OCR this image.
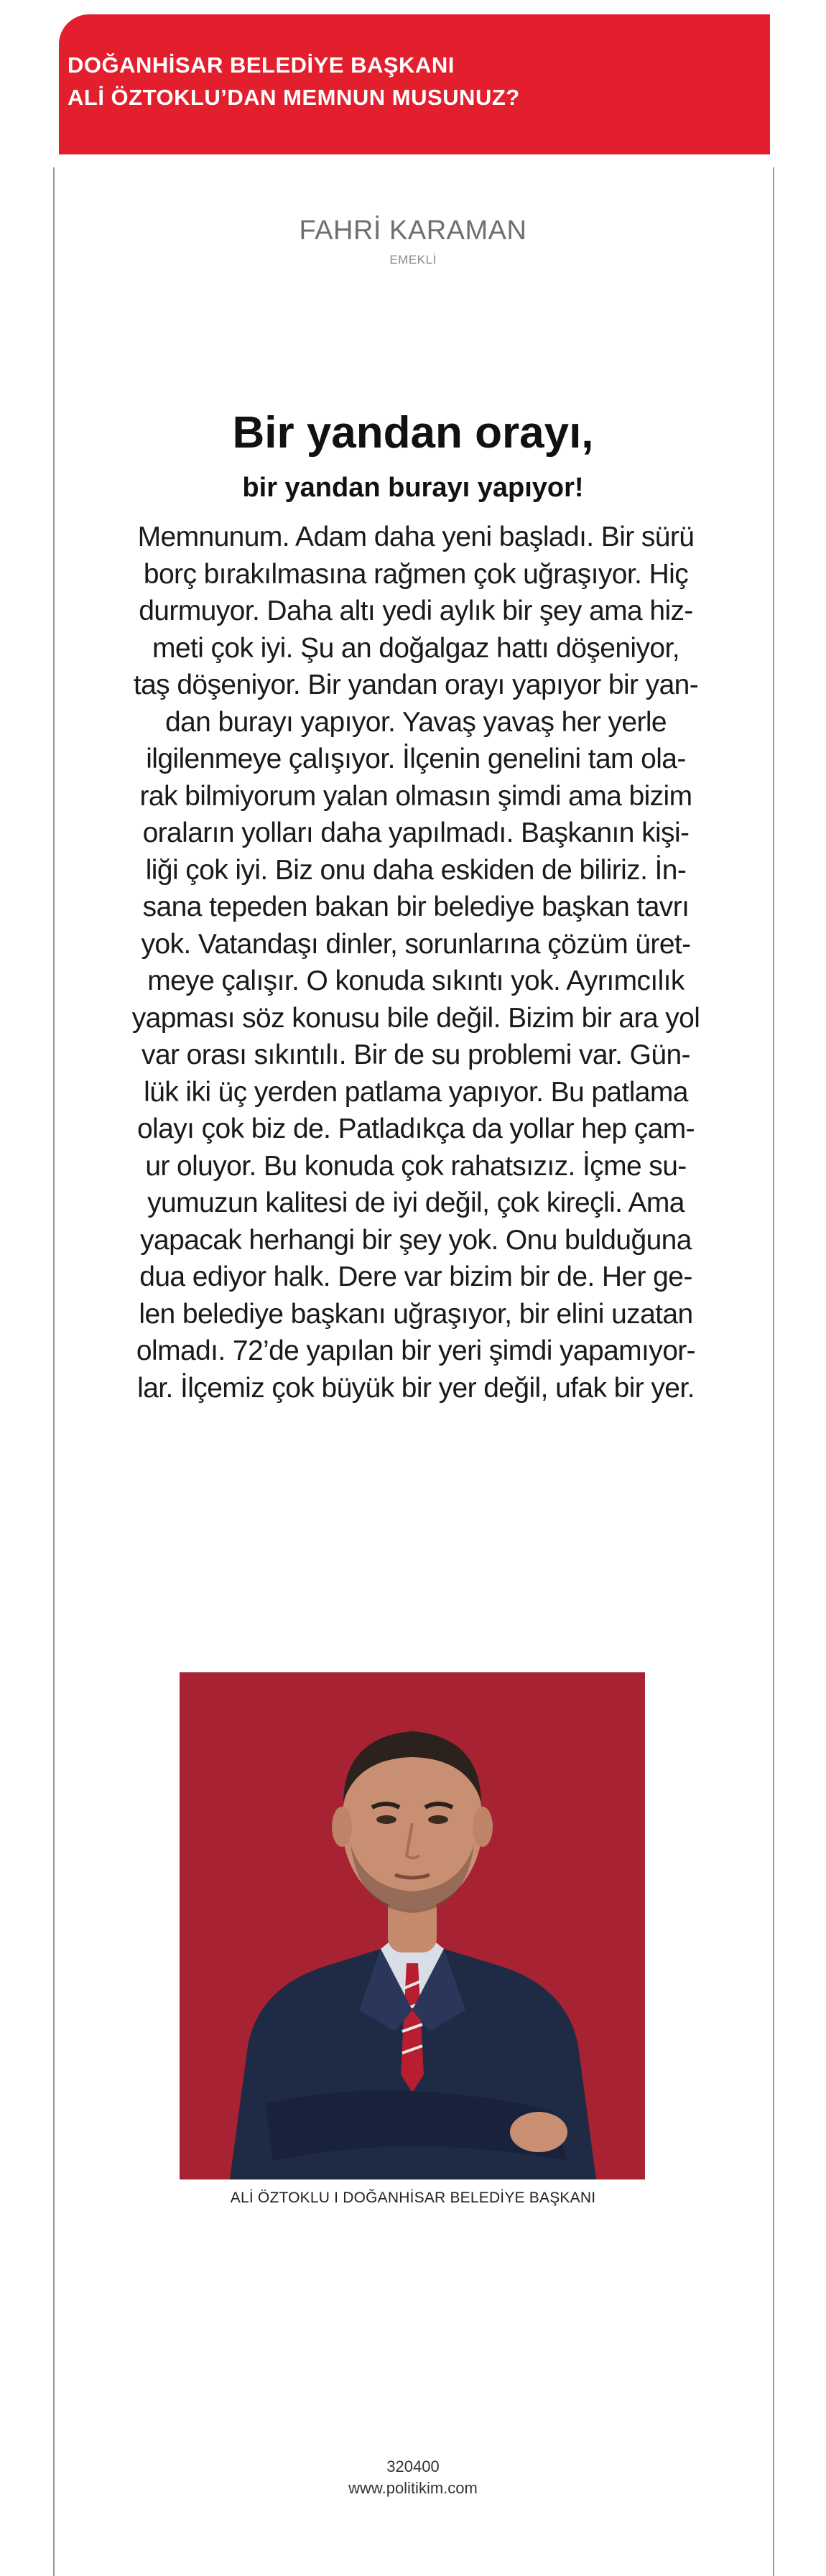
DOĞANHİSAR BELEDİYE BAŞKANI
ALİ ÖZTOKLU’DAN MEMNUN MUSUNUZ?
FAHRİ KARAMAN
EMEKLİ
Bir yandan orayı,
bir yandan burayı yapıyor!
Memnunum. Adam daha yeni başladı. Bir sürü
borç bırakılmasına rağmen çok uğraşıyor. Hiç
durmuyor. Daha altı yedi aylık bir şey ama hiz-
meti çok iyi. Şu an doğalgaz hattı döşeniyor,
taş döşeniyor. Bir yandan orayı yapıyor bir yan-
dan burayı yapıyor. Yavaş yavaş her yerle
ilgilenmeye çalışıyor. İlçenin genelini tam ola-
rak bilmiyorum yalan olmasın şimdi ama bizim
oraların yolları daha yapılmadı. Başkanın kişi-
liği çok iyi. Biz onu daha eskiden de biliriz. İn-
sana tepeden bakan bir belediye başkan tavrı
yok. Vatandaşı dinler, sorunlarına çözüm üret-
meye çalışır. O konuda sıkıntı yok. Ayrımcılık
yapması söz konusu bile değil. Bizim bir ara yol
var orası sıkıntılı. Bir de su problemi var. Gün-
lük iki üç yerden patlama yapıyor. Bu patlama
olayı çok biz de. Patladıkça da yollar hep çam-
ur oluyor. Bu konuda çok rahatsızız. İçme su-
yumuzun kalitesi de iyi değil, çok kireçli. Ama
yapacak herhangi bir şey yok. Onu bulduğuna
dua ediyor halk. Dere var bizim bir de. Her ge-
len belediye başkanı uğraşıyor, bir elini uzatan
olmadı. 72’de yapılan bir yeri şimdi yapamıyor-
lar. İlçemiz çok büyük bir yer değil, ufak bir yer.
ALİ ÖZTOKLU I DOĞANHİSAR BELEDİYE BAŞKANI
320400
www.politikim.com
